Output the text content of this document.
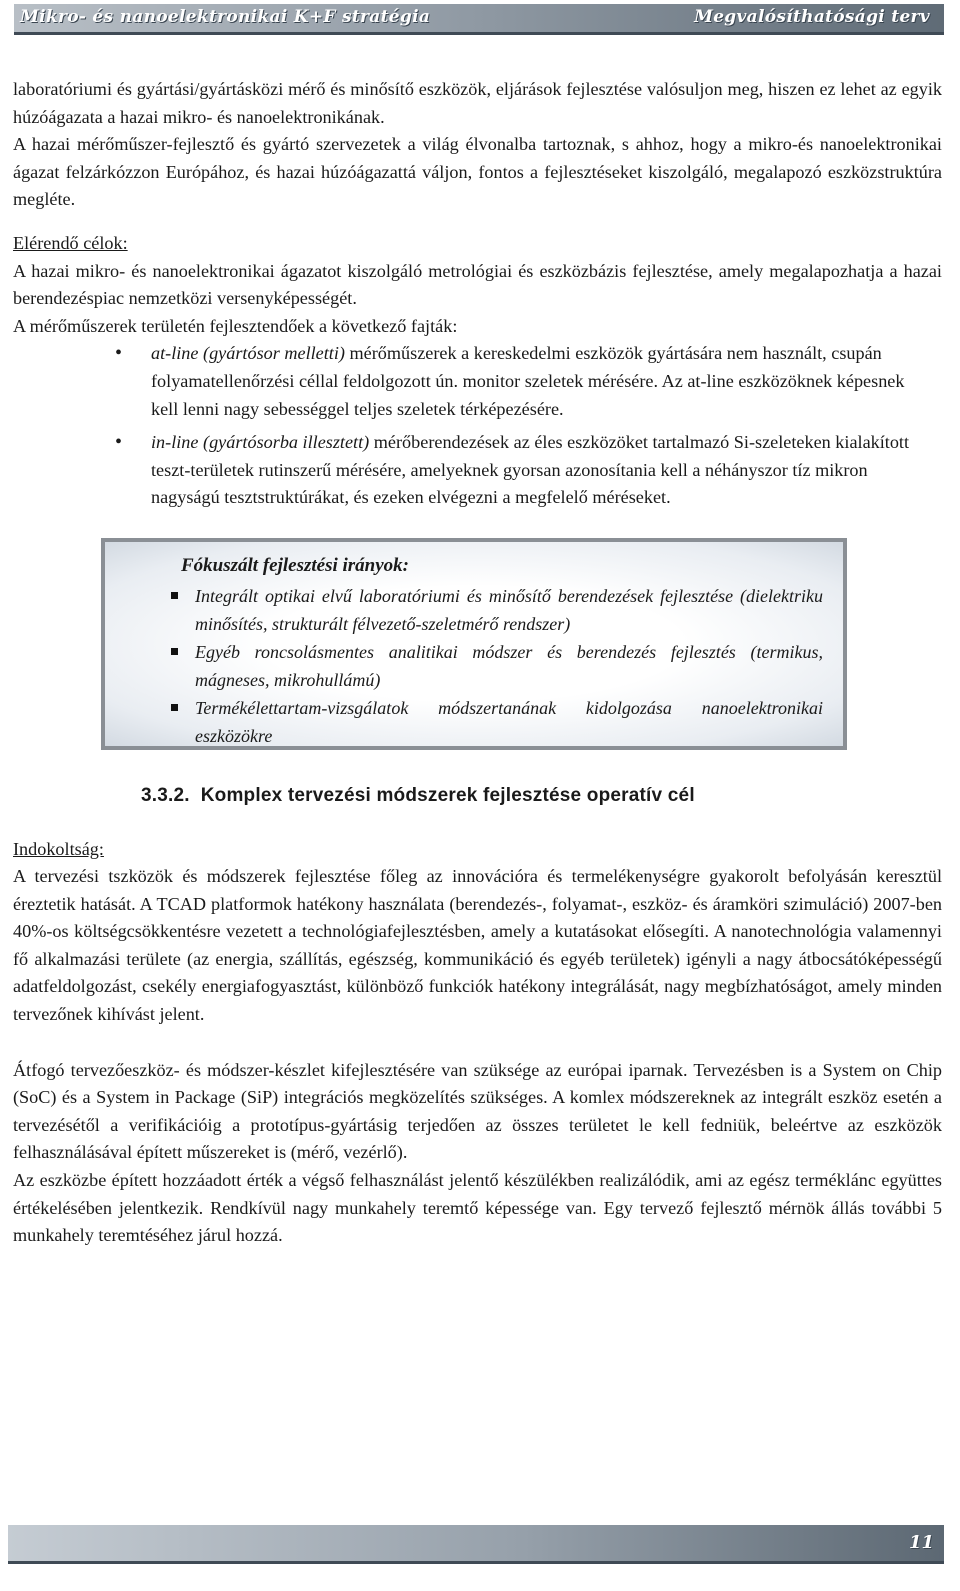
Mikro- és nanoelektronikai K+F stratégia	Megvalósíthatósági terv

laboratóriumi és gyártási/gyártásközi mérő és minősítő eszközök, eljárások fejlesztése valósuljon meg, hiszen ez lehet az egyik húzóágazata a hazai mikro- és nanoelektronikának.

A hazai mérőműszer-fejlesztő és gyártó szervezetek a világ élvonalba tartoznak, s ahhoz, hogy a mikro-és nanoelektronikai ágazat felzárkózzon Európához, és hazai húzóágazattá váljon, fontos a fejlesztéseket kiszolgáló, megalapozó eszközstruktúra megléte.

Elérendő célok:

A hazai mikro- és nanoelektronikai ágazatot kiszolgáló metrológiai és eszközbázis fejlesztése, amely megalapozhatja a hazai berendezéspiac nemzetközi versenyképességét.

A mérőműszerek területén fejlesztendőek a következő fajták:

• at-line (gyártósor melletti) mérőműszerek a kereskedelmi eszközök gyártására nem használt, csupán folyamatellenőrzési céllal feldolgozott ún. monitor szeletek mérésére. Az at-line eszközöknek képesnek kell lenni nagy sebességgel teljes szeletek térképezésére.
• in-line (gyártósorba illesztett) mérőberendezések az éles eszközöket tartalmazó Si-szeleteken kialakított teszt-területek rutinszerű mérésére, amelyeknek gyorsan azonosítania kell a néhányszor tíz mikron nagyságú tesztstruktúrákat, és ezeken elvégezni a megfelelő méréseket.

Fókuszált fejlesztési irányok:

Integrált optikai elvű laboratóriumi és minősítő berendezések fejlesztése (dielektriku minősítés, strukturált félvezető-szeletmérő rendszer)
Egyéb roncsolásmentes analitikai módszer és berendezés fejlesztés (termikus, mágneses, mikrohullámú)
Termékélettartam-vizsgálatok módszertanának kidolgozása nanoelektronikai eszközökre
3.3.2. Komplex tervezési módszerek fejlesztése operatív cél

Indokoltság:

A tervezési tszközök és módszerek fejlesztése főleg az innovációra és termelékenységre gyakorolt befolyásán keresztül éreztetik hatását. A TCAD platformok hatékony használata (berendezés-, folyamat-, eszköz- és áramköri szimuláció) 2007-ben 40%-os költségcsökkentésre vezetett a technológiafejlesztésben, amely a kutatásokat elősegíti. A nanotechnológia valamennyi fő alkalmazási területe (az energia, szállítás, egészség, kommunikáció és egyéb területek) igényli a nagy átbocsátóképességű adatfeldolgozást, csekély energiafogyasztást, különböző funkciók hatékony integrálását, nagy megbízhatóságot, amely minden tervezőnek kihívást jelent.

Átfogó tervezőeszköz- és módszer-készlet kifejlesztésére van szüksége az európai iparnak. Tervezésben is a System on Chip (SoC) és a System in Package (SiP) integrációs megközelítés szükséges. A komlex módszereknek az integrált eszköz esetén a tervezésétől a verifikációig a prototípus-gyártásig terjedően az összes területet le kell fedniük, beleértve az eszközök felhasználásával épített műszereket is (mérő, vezérlő).

Az eszközbe épített hozzáadott érték a végső felhasználást jelentő készülékben realizálódik, ami az egész terméklánc együttes értékelésében jelentkezik. Rendkívül nagy munkahely teremtő képessége van. Egy tervező fejlesztő mérnök állás további 5 munkahely teremtéséhez járul hozzá.

11
